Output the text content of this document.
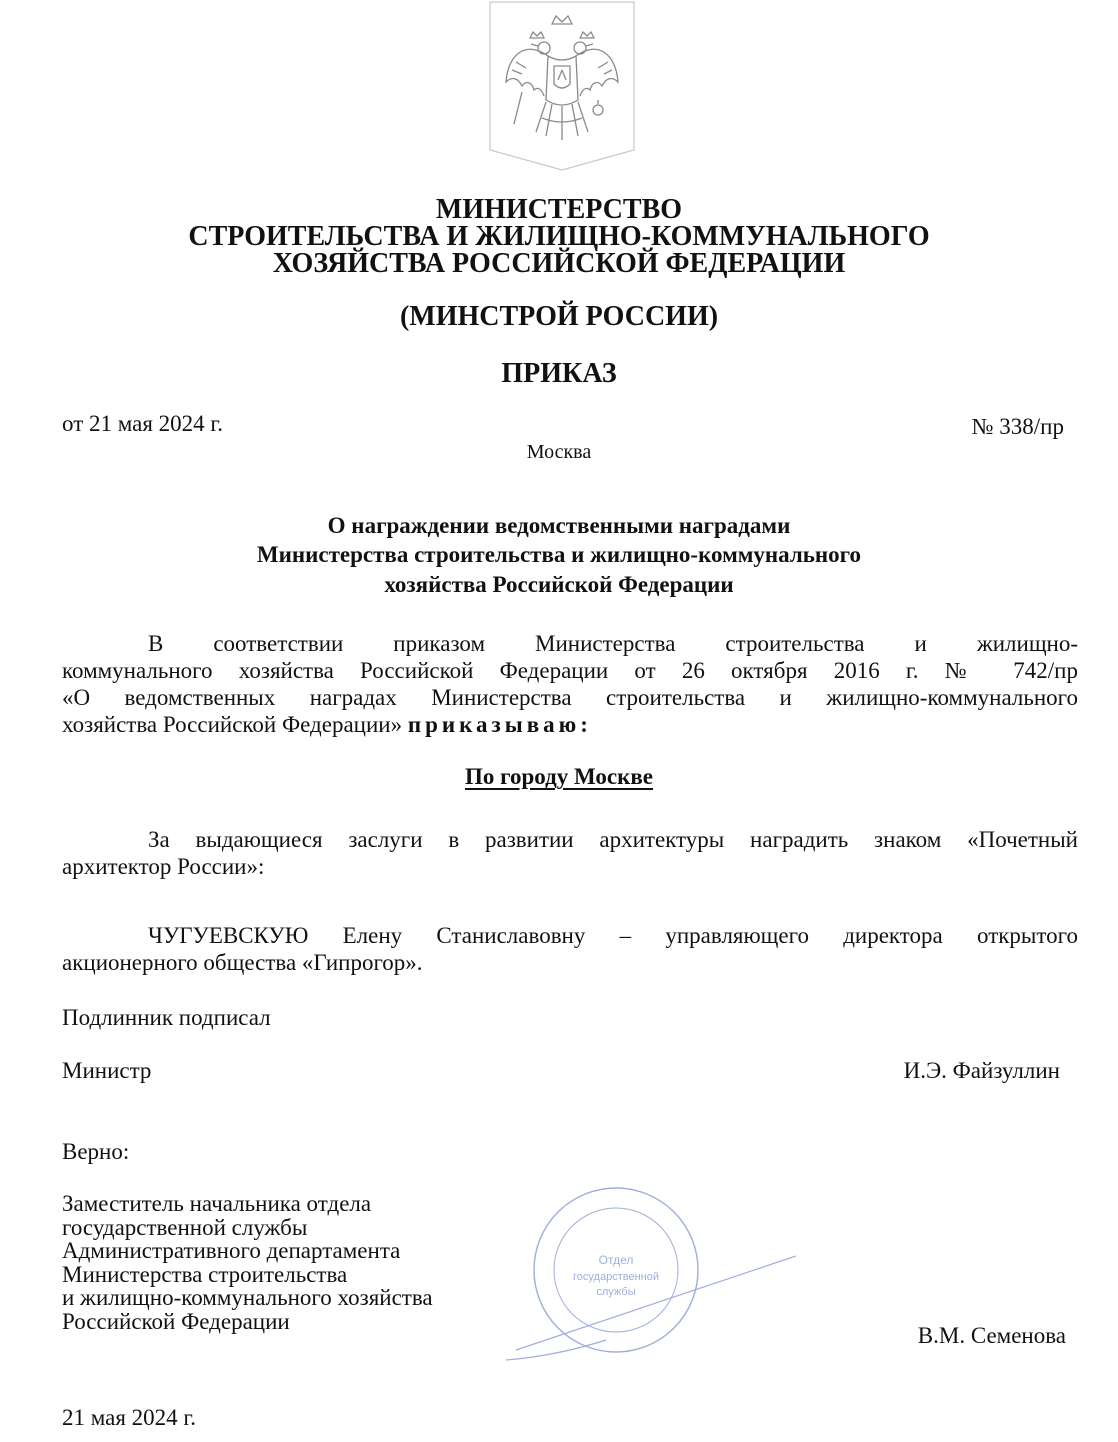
МИНИСТЕРСТВО
СТРОИТЕЛЬСТВА И ЖИЛИЩНО-КОММУНАЛЬНОГО
ХОЗЯЙСТВА РОССИЙСКОЙ ФЕДЕРАЦИИ
(МИНСТРОЙ РОССИИ)
ПРИКАЗ
от 21 мая 2024 г.	№ 338/пр
Москва
О награждении ведомственными наградами
Министерства строительства и жилищно-коммунального
хозяйства Российской Федерации
В соответствии приказом Министерства строительства и жилищно-
коммунального хозяйства Российской Федерации от 26 октября 2016 г. № 742/пр
«О ведомственных наградах Министерства строительства и жилищно-коммунального
хозяйства Российской Федерации» приказываю:
По городу Москве
За выдающиеся заслуги в развитии архитектуры наградить знаком «Почетный
архитектор России»:
ЧУГУЕВСКУЮ Елену Станиславовну – управляющего директора открытого
акционерного общества «Гипрогор».
Подлинник подписал
Министр	И.Э. Файзуллин
Верно:
Заместитель начальника отдела
государственной службы
Административного департамента
Министерства строительства
и жилищно-коммунального хозяйства
Российской Федерации
В.М. Семенова
Отдел
государственной
службы
21 мая 2024 г.
